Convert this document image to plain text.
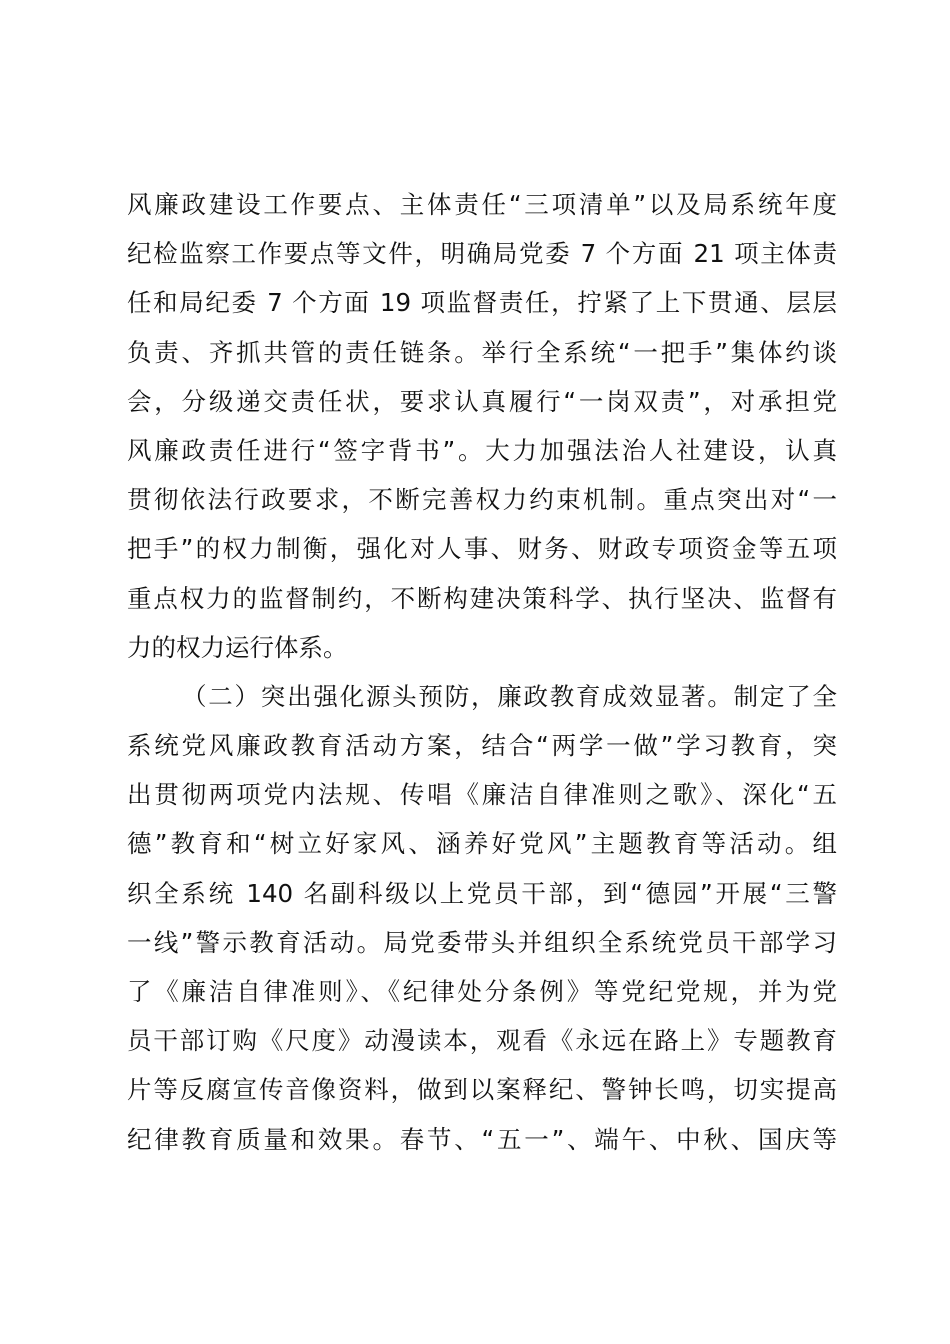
风廉政建设工作要点、主体责任“三项清单”以及局系统年度
纪检监察工作要点等文件，明确局党委 7 个方面 21 项主体责
任和局纪委 7 个方面 19 项监督责任，拧紧了上下贯通、层层
负责、齐抓共管的责任链条。举行全系统“一把手”集体约谈
会，分级递交责任状，要求认真履行“一岗双责”，对承担党
风廉政责任进行“签字背书”。大力加强法治人社建设，认真
贯彻依法行政要求，不断完善权力约束机制。重点突出对“一
把手”的权力制衡，强化对人事、财务、财政专项资金等五项
重点权力的监督制约，不断构建决策科学、执行坚决、监督有
力的权力运行体系。
（二）突出强化源头预防，廉政教育成效显著。制定了全
系统党风廉政教育活动方案，结合“两学一做”学习教育，突
出贯彻两项党内法规、传唱《廉洁自律准则之歌》、深化“五
德”教育和“树立好家风、涵养好党风”主题教育等活动。组
织全系统 140 名副科级以上党员干部，到“德园”开展“三警
一线”警示教育活动。局党委带头并组织全系统党员干部学习
了《廉洁自律准则》、《纪律处分条例》等党纪党规，并为党
员干部订购《尺度》动漫读本，观看《永远在路上》专题教育
片等反腐宣传音像资料，做到以案释纪、警钟长鸣，切实提高
纪律教育质量和效果。春节、“五一”、端午、中秋、国庆等
